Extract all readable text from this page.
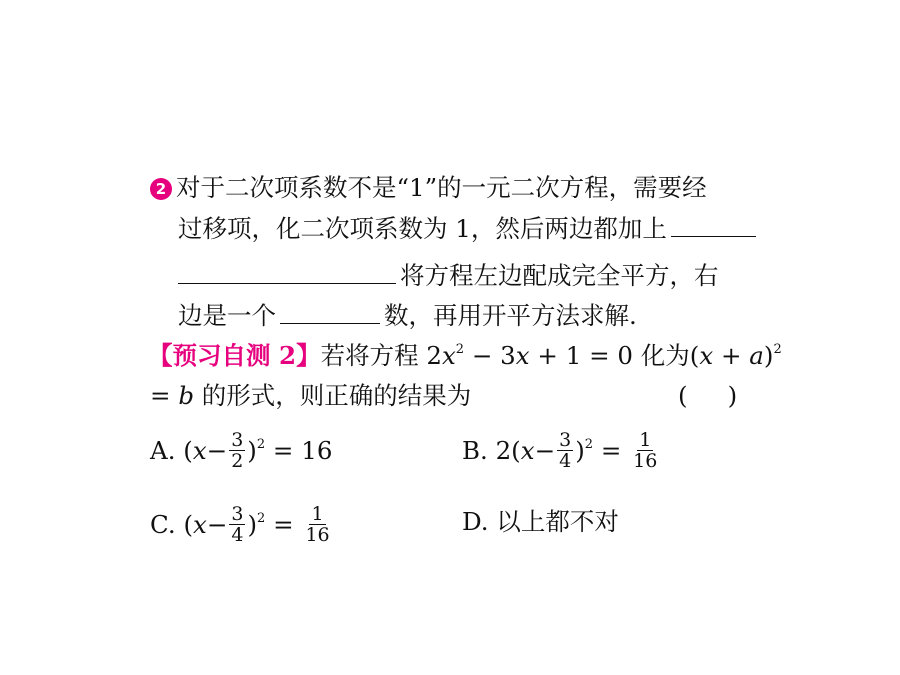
2 对于二次项系数不是“1”的一元二次方程，需要经
过移项，化二次项系数为 1，然后两边都加上
将方程左边配成完全平方，右
边是一个	数，再用开平方法求解.
【预习自测 2】若将方程 $2x^2 - 3x + 1 = 0$ 化为$(x + a)^2$
= b 的形式，则正确的结果为	( )
A. $(x- \frac{3}{2} )^2 = 16$	B. $2(x- \frac{3}{4} )^2 = \frac{1}{16}$
C. $(x- \frac{3}{4} )^2 = \frac{1}{16}$	D. 以上都不对
